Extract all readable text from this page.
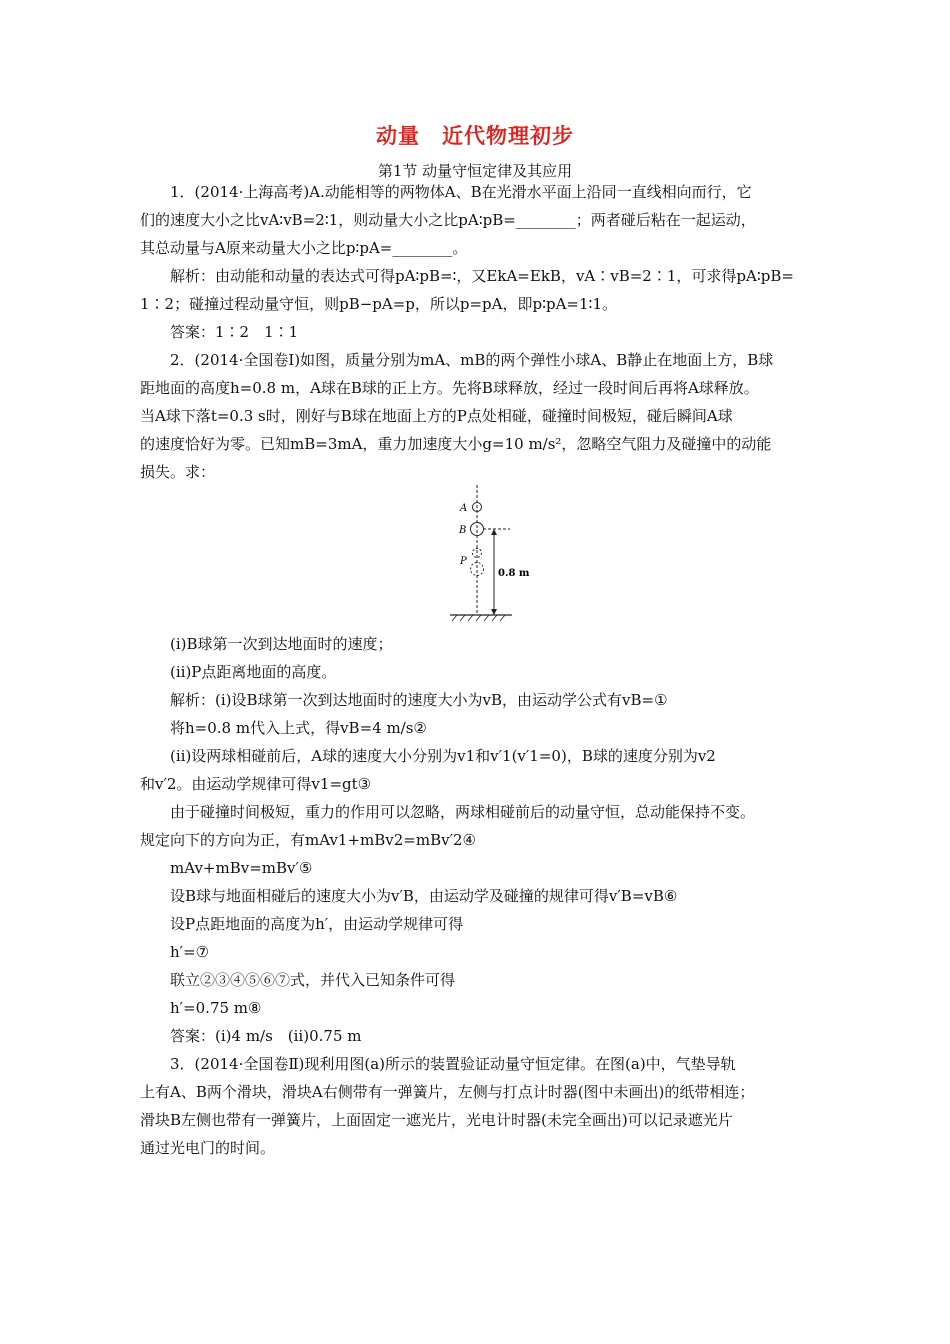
动量　近代物理初步
第1节 动量守恒定律及其应用
1．(2014·上海高考)A.动能相等的两物体A、B在光滑水平面上沿同一直线相向而行，它
们的速度大小之比vA∶vB=2∶1，则动量大小之比pA∶pB=________；两者碰后粘在一起运动，
其总动量与A原来动量大小之比p∶pA=________。
解析：由动能和动量的表达式可得pA∶pB=∶，又EkA=EkB，vA∶vB=2∶1，可求得pA∶pB=
1∶2；碰撞过程动量守恒，则pB−pA=p，所以p=pA，即p∶pA=1∶1。
答案：1∶2　1∶1
2．(2014·全国卷Ⅰ)如图，质量分别为mA、mB的两个弹性小球A、B静止在地面上方，B球
距地面的高度h=0.8 m，A球在B球的正上方。先将B球释放，经过一段时间后再将A球释放。
当A球下落t=0.3 s时，刚好与B球在地面上方的P点处相碰，碰撞时间极短，碰后瞬间A球
的速度恰好为零。已知mB=3mA，重力加速度大小g=10 m/s²，忽略空气阻力及碰撞中的动能
损失。求：
A
B
P
0.8 m
(ⅰ)B球第一次到达地面时的速度；
(ⅱ)P点距离地面的高度。
解析：(ⅰ)设B球第一次到达地面时的速度大小为vB，由运动学公式有vB=①
将h=0.8 m代入上式，得vB=4 m/s②
(ⅱ)设两球相碰前后，A球的速度大小分别为v1和v′1(v′1=0)，B球的速度分别为v2
和v′2。由运动学规律可得v1=gt③
由于碰撞时间极短，重力的作用可以忽略，两球相碰前后的动量守恒，总动能保持不变。
规定向下的方向为正，有mAv1+mBv2=mBv′2④
mAv+mBv=mBv′⑤
设B球与地面相碰后的速度大小为v′B，由运动学及碰撞的规律可得v′B=vB⑥
设P点距地面的高度为h′，由运动学规律可得
h′=⑦
联立②③④⑤⑥⑦式，并代入已知条件可得
h′=0.75 m⑧
答案：(ⅰ)4 m/s　(ⅱ)0.75 m
3．(2014·全国卷Ⅱ)现利用图(a)所示的装置验证动量守恒定律。在图(a)中，气垫导轨
上有A、B两个滑块，滑块A右侧带有一弹簧片，左侧与打点计时器(图中未画出)的纸带相连；
滑块B左侧也带有一弹簧片，上面固定一遮光片，光电计时器(未完全画出)可以记录遮光片
通过光电门的时间。
